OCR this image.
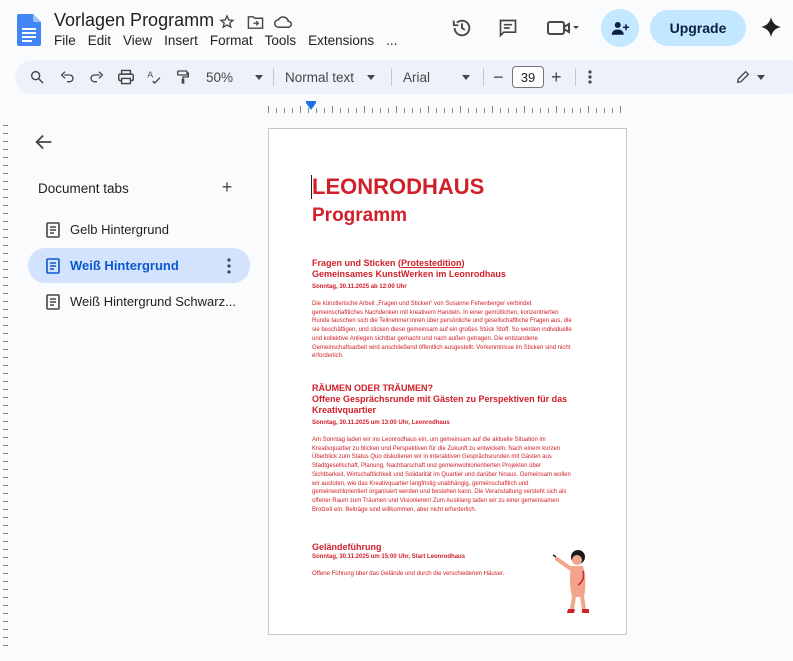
Vorlagen Programm
File Edit View Insert Format Tools Extensions ...
Upgrade
A	50%	Normal text	Arial	−	39 +
Document tabs	+
Gelb Hintergrund
Weiß Hintergrund
Weiß Hintergrund Schwarz...
LEONRODHAUS
Programm
Fragen und Sticken (Protestedition)
Gemeinsames KunstWerken im Leonrodhaus
Sonntag, 30.11.2025 ab 12:00 Uhr
Die künstlerische Arbeit „Fragen und Sticken“ von Susanne Fehenberger verbindet gemeinschaftliches Nachdenken mit kreativem Handeln. In einer gemütlichen, konzentrierten Runde tauschen sich die Teilnehmer:innen über persönliche und gesellschaftliche Fragen aus, die sie beschäftigen, und sticken diese gemeinsam auf ein großes Stück Stoff. So werden individuelle und kollektive Anliegen sichtbar gemacht und nach außen getragen. Die entstandene Gemeinschaftsarbeit wird anschließend öffentlich ausgestellt. Vorkenntnisse im Sticken sind nicht erforderlich.
RÄUMEN ODER TRÄUMEN?
Offene Gesprächsrunde mit Gästen zu Perspektiven für das Kreativquartier
Sonntag, 30.11.2025 um 13:00 Uhr, Leonrodhaus
Am Sonntag laden wir ins Leonrodhaus ein, um gemeinsam auf die aktuelle Situation im Kreativquartier zu blicken und Perspektiven für die Zukunft zu entwickeln. Nach einem kurzen Überblick zum Status Quo diskutieren wir in interaktiven Gesprächsrunden mit Gästen aus Stadtgesellschaft, Planung, Nachbarschaft und gemeinwohlorientierten Projekten über Sichtbarkeit, Wirtschaftlichkeit und Solidarität im Quartier und darüber hinaus. Gemeinsam wollen wir ausloten, wie das Kreativquartier langfristig unabhängig, gemeinschaftlich und gemeinwohlorientiert organisiert werden und bestehen kann. Die Veranstaltung versteht sich als offener Raum zum Träumen und Visionieren! Zum Ausklang laden wir zu einer gemeinsamen Brotzeit ein: Beiträge sind willkommen, aber nicht erforderlich.
Geländeführung
Sonntag, 30.11.2025 um 15:00 Uhr, Start Leonrodhaus
Offene Führung über das Gelände und durch die verschiedenen Häuser.
